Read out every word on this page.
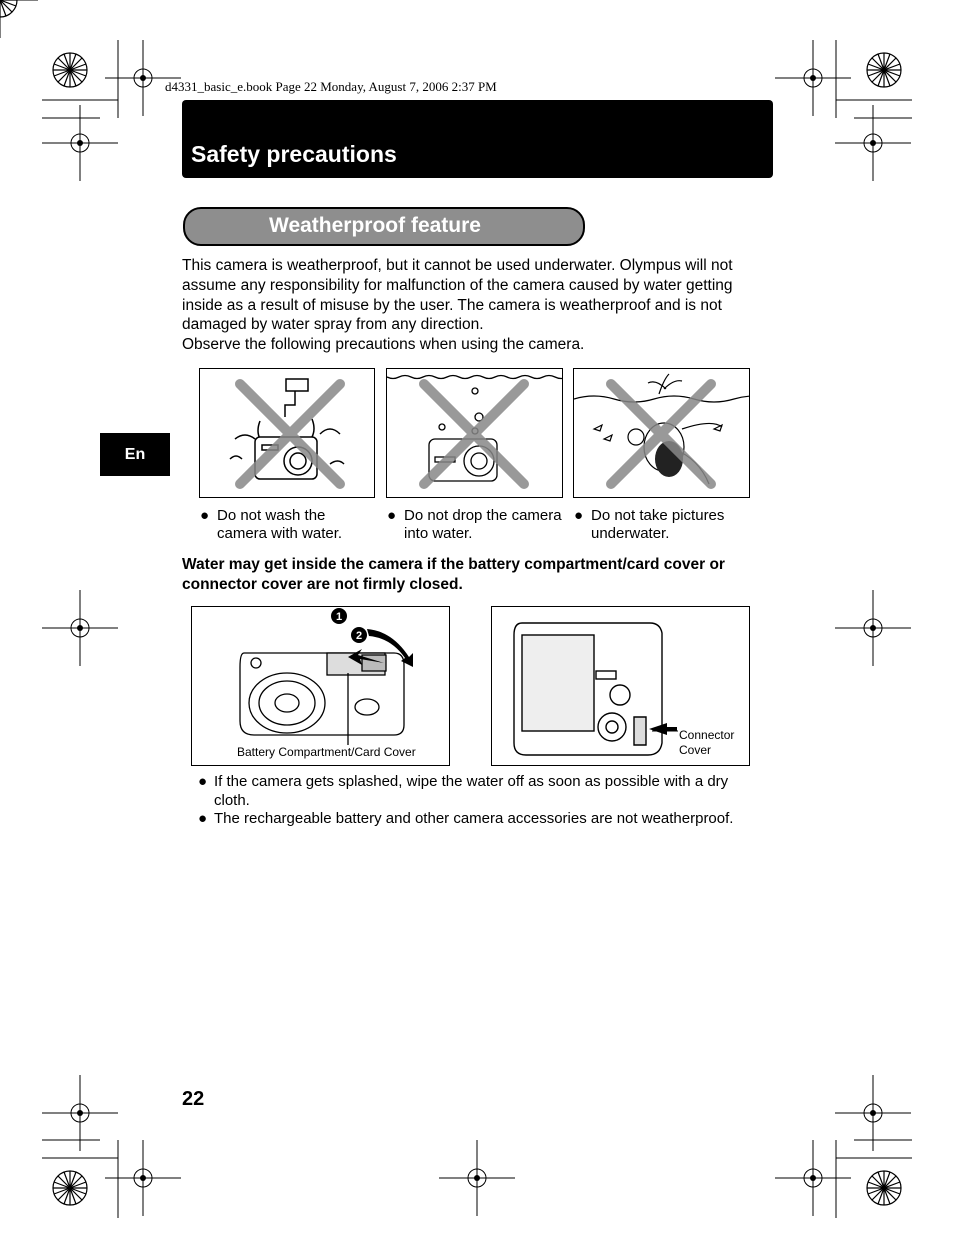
d4331_basic_e.book Page 22 Monday, August 7, 2006 2:37 PM
Safety precautions
Weatherproof feature
En

This camera is weatherproof, but it cannot be used underwater. Olympus will not assume any responsibility for malfunction of the camera caused by water getting inside as a result of misuse by the user. The camera is weatherproof and is not damaged by water spray from any direction.

Observe the following precautions when using the camera.

● Do not wash the camera with water.
● Do not drop the camera into water.
● Do not take pictures underwater.
Water may get inside the camera if the battery compartment/card cover or connector cover are not firmly closed.
1
2
Battery Compartment/Card Cover
Connector
Cover
● If the camera gets splashed, wipe the water off as soon as possible with a dry cloth.
● The rechargeable battery and other camera accessories are not weatherproof.
22
